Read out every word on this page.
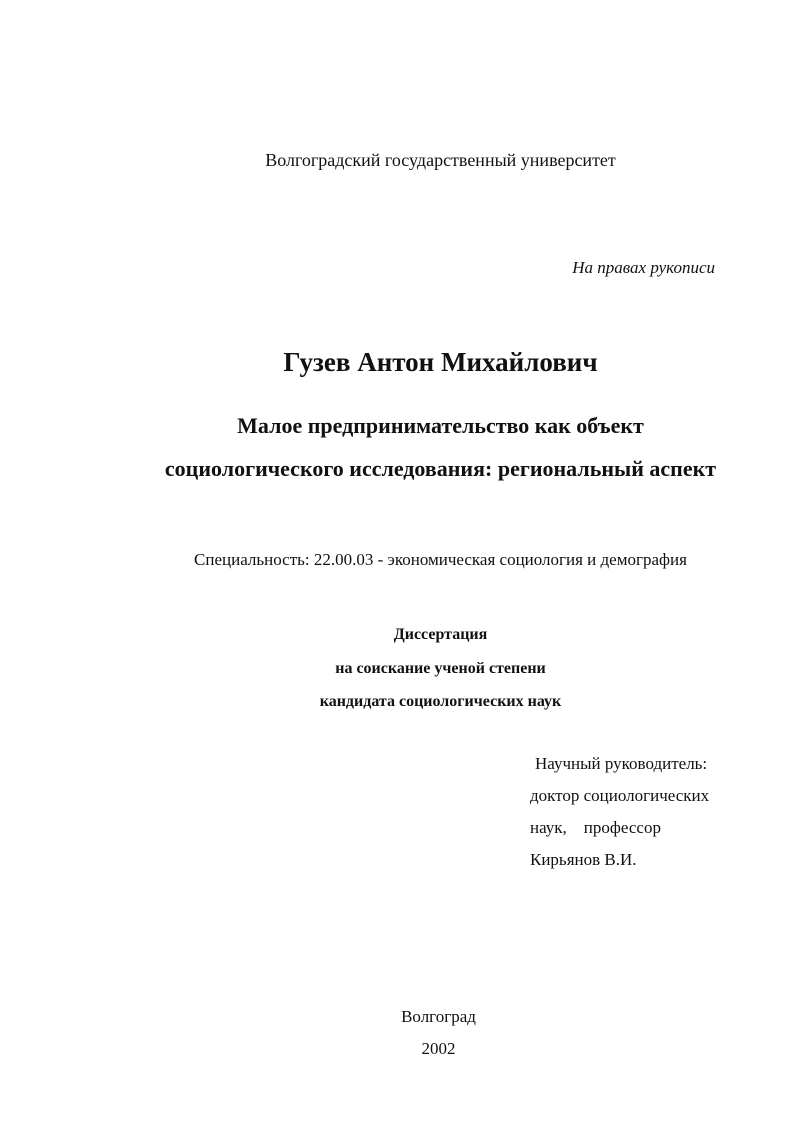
Волгоградский государственный университет
На правах рукописи
Гузев Антон Михайлович
Малое предпринимательство как объект
социологического исследования: региональный аспект
Специальность: 22.00.03 - экономическая социология и демография
Диссертация
на соискание ученой степени
кандидата социологических наук
Научный руководитель:
доктор социологических
наук,    профессор
Кирьянов В.И.
Волгоград
2002
